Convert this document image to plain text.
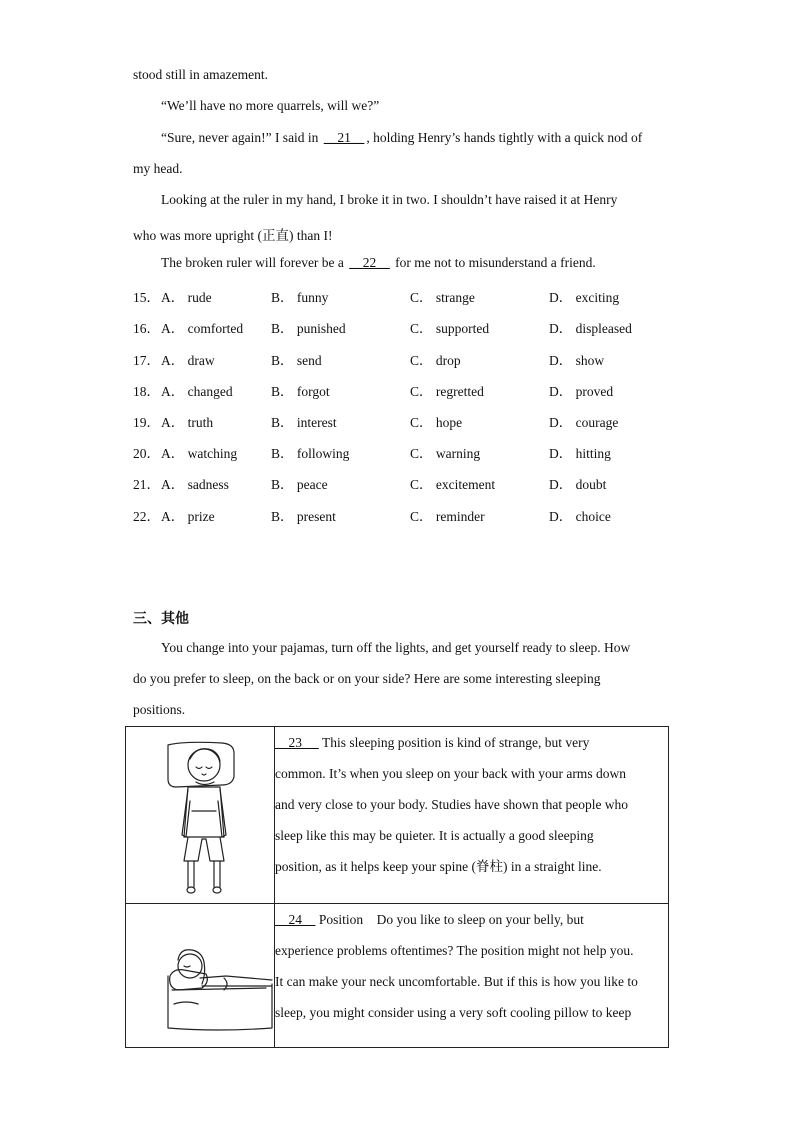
stood still in amazement.
“We’ll have no more quarrels, will we?”
“Sure, never again!” I said in __21__ , holding Henry’s hands tightly with a quick nod of
my head.
Looking at the ruler in my hand, I broke it in two. I shouldn’t have raised it at Henry
who was more upright (正直) than I!
The broken ruler will forever be a __22__ for me not to misunderstand a friend.
15． A． rude	B． funny	C． strange	D． exciting
16． A． comforted B． punished	C． supported	D． displeased
17． A． draw	B． send	C． drop	D． show
18． A． changed	B． forgot	C． regretted	D． proved
19． A． truth	B． interest	C． hope	D． courage
20． A． watching	B． following	C． warning	D． hitting
21． A． sadness	B． peace	C． excitement	D． doubt
22． A． prize	B． present	C． reminder	D． choice
三、其他
You change into your pajamas, turn off the lights, and get yourself ready to sleep. How
do you prefer to sleep, on the back or on your side? Here are some interesting sleeping
positions.

23      This sleeping position is kind of strange, but very
common. It’s when you sleep on your back with your arms down
and very close to your body. Studies have shown that people who
sleep like this may be quieter. It is actually a good sleeping
position, as it helps keep your spine (脊柱) in a straight line.

24     Position    Do you like to sleep on your belly, but
experience problems oftentimes? The position might not help you.
It can make your neck uncomfortable. But if this is how you like to
sleep, you might consider using a very soft cooling pillow to keep
